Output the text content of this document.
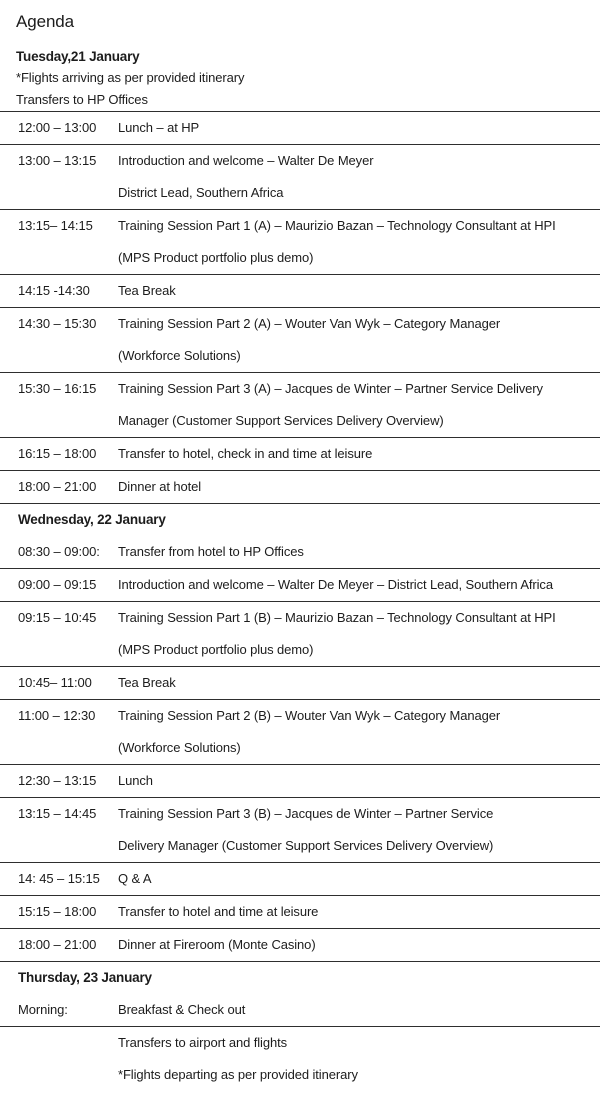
Agenda
Tuesday,21 January
*Flights arriving as per provided itinerary
Transfers to HP Offices
12:00 – 13:00	Lunch – at HP
13:00 – 13:15	Introduction and welcome – Walter De Meyer
District Lead, Southern Africa
13:15– 14:15	Training Session Part 1 (A) – Maurizio Bazan – Technology Consultant at HPI
(MPS Product portfolio plus demo)
14:15 -14:30	Tea Break
14:30 – 15:30	Training Session Part 2 (A) – Wouter Van Wyk – Category Manager
(Workforce Solutions)
15:30 – 16:15	Training Session Part 3 (A) – Jacques de Winter – Partner Service Delivery
Manager (Customer Support Services Delivery Overview)
16:15 – 18:00	Transfer to hotel, check in and time at leisure
18:00 – 21:00	Dinner at hotel
Wednesday, 22 January
08:30 – 09:00:	Transfer from hotel to HP Offices
09:00 – 09:15	Introduction and welcome – Walter De Meyer – District Lead, Southern Africa
09:15 – 10:45	Training Session Part 1 (B) – Maurizio Bazan – Technology Consultant at HPI
(MPS Product portfolio plus demo)
10:45– 11:00	Tea Break
11:00 – 12:30	Training Session Part 2 (B) – Wouter Van Wyk – Category Manager
(Workforce Solutions)
12:30 – 13:15	Lunch
13:15 – 14:45	Training Session Part 3 (B) – Jacques de Winter – Partner Service
Delivery Manager (Customer Support Services Delivery Overview)
14: 45 – 15:15	Q & A
15:15 – 18:00	Transfer to hotel and time at leisure
18:00 – 21:00	Dinner at Fireroom (Monte Casino)
Thursday, 23 January
Morning:	Breakfast & Check out
Transfers to airport and flights
*Flights departing as per provided itinerary
